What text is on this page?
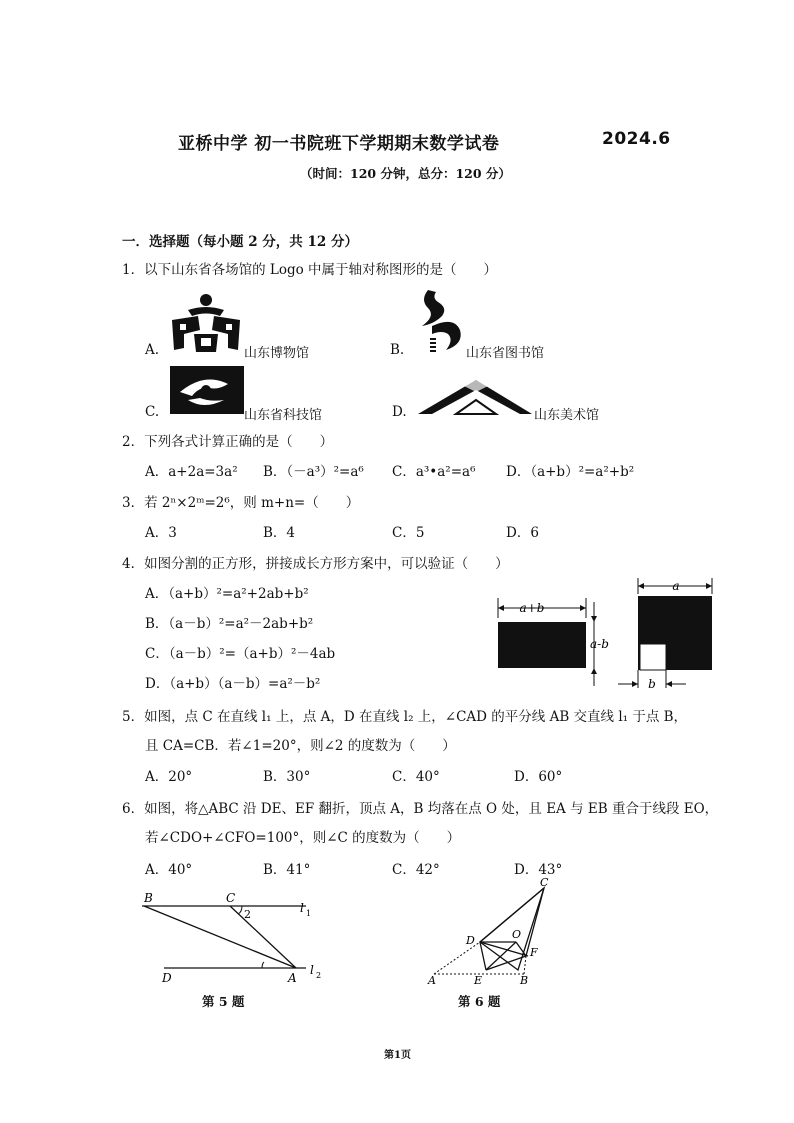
亚桥中学 初一书院班下学期期末数学试卷	2024.6
（时间：120 分钟，总分：120 分）
一．选择题（每小题 2 分，共 12 分）
1．以下山东省各场馆的 Logo 中属于轴对称图形的是（　　）
A.	山东博物馆	B.	山东省图书馆
C.	山东省科技馆	D.	山东美术馆
2．下列各式计算正确的是（　　）
A．a+2a=3a² B．（－a³）²=a⁶ C．a³•a²=a⁶ D．（a+b）²=a²+b²
3．若 2ⁿ×2ᵐ=2⁶，则 m+n=（　　）
A．3	B．4	C．5	D．6
4．如图分割的正方形，拼接成长方形方案中，可以验证（　　）
A．（a+b）²=a²+2ab+b²
B．（a－b）²=a²－2ab+b²
C．（a－b）²=（a+b）²－4ab
D．（a+b）（a－b）=a²－b²
a+b
a-b
a
b
5．如图，点 C 在直线 l₁ 上，点 A，D 在直线 l₂ 上，∠CAD 的平分线 AB 交直线 l₁ 于点 B，
且 CA=CB．若∠1=20°，则∠2 的度数为（　　）
A．20°	B．30°	C．40°	D．60°
6．如图，将△ABC 沿 DE、EF 翻折，顶点 A，B 均落在点 O 处，且 EA 与 EB 重合于线段 EO，
若∠CDO+∠CFO=100°，则∠C 的度数为（　　）
A．40°	B．41°	C．42°	D．43°
B	C
2	l 1
D	A
l 2
第 5 题
C
D	O
F
A	E	B
第 6 题
第1页
